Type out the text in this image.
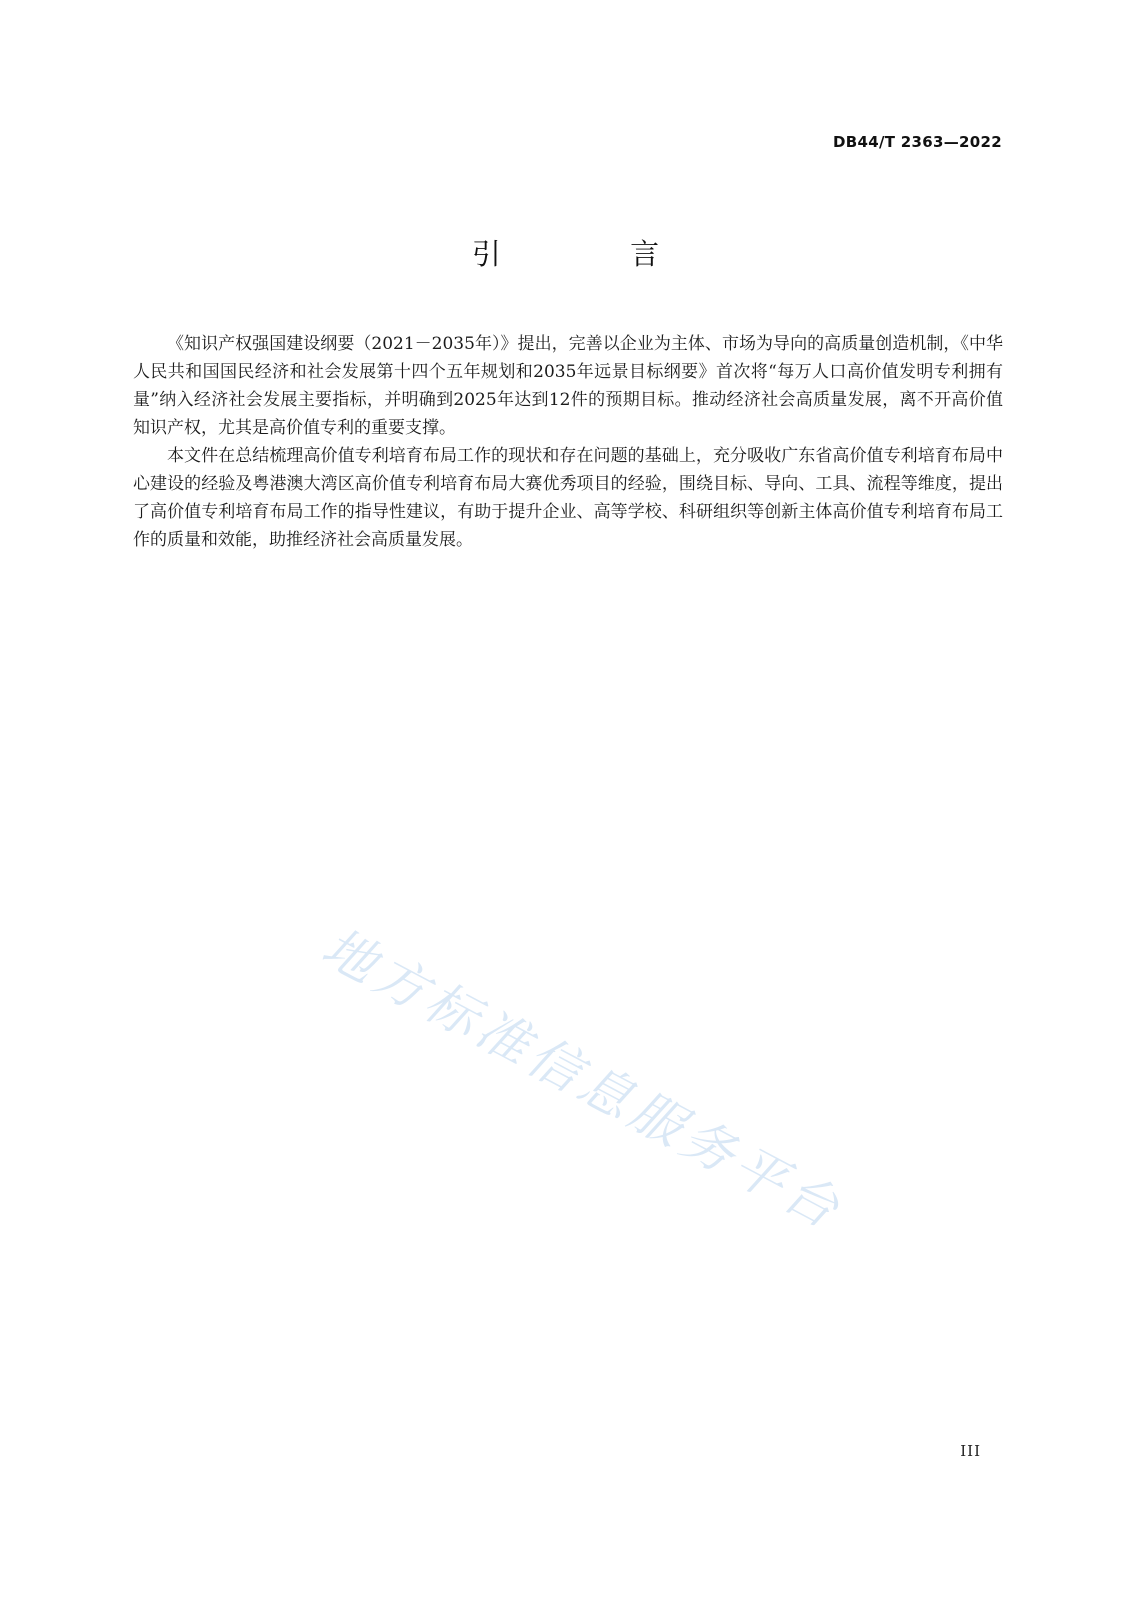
DB44/T 2363—2022
引 言

《知识产权强国建设纲要（2021－2035年）》提出，完善以企业为主体、市场为导向的高质量创造机制，《中华人民共和国国民经济和社会发展第十四个五年规划和2035年远景目标纲要》首次将“每万人口高价值发明专利拥有量”纳入经济社会发展主要指标，并明确到2025年达到12件的预期目标。推动经济社会高质量发展，离不开高价值知识产权，尤其是高价值专利的重要支撑。

本文件在总结梳理高价值专利培育布局工作的现状和存在问题的基础上，充分吸收广东省高价值专利培育布局中心建设的经验及粤港澳大湾区高价值专利培育布局大赛优秀项目的经验，围绕目标、导向、工具、流程等维度，提出了高价值专利培育布局工作的指导性建议，有助于提升企业、高等学校、科研组织等创新主体高价值专利培育布局工作的质量和效能，助推经济社会高质量发展。

地方标准信息服务平台
III
